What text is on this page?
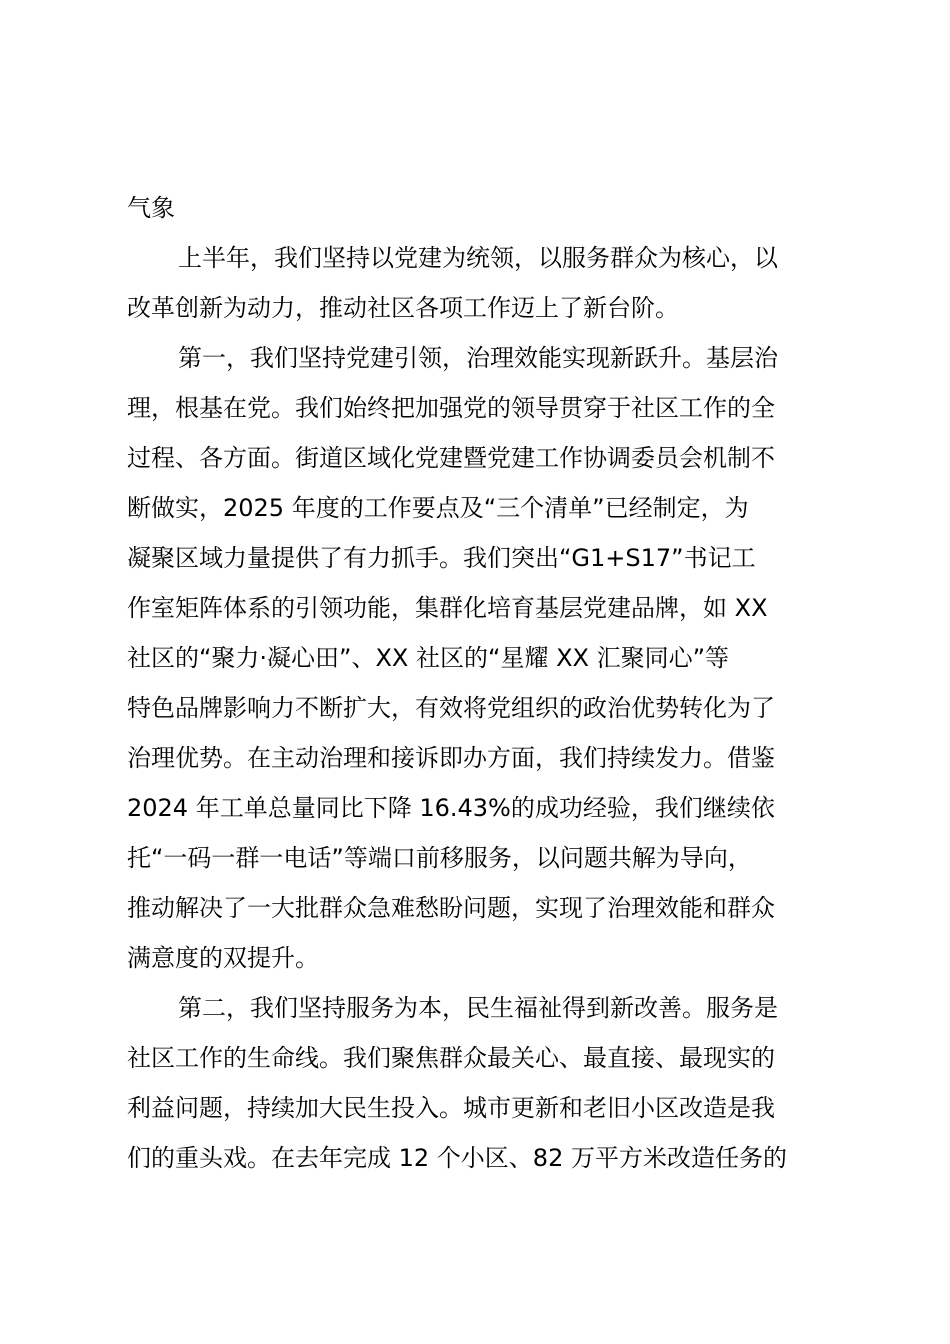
气象
上半年，我们坚持以党建为统领，以服务群众为核心，以
改革创新为动力，推动社区各项工作迈上了新台阶。
第一，我们坚持党建引领，治理效能实现新跃升。基层治
理，根基在党。我们始终把加强党的领导贯穿于社区工作的全
过程、各方面。街道区域化党建暨党建工作协调委员会机制不
断做实，2025 年度的工作要点及“三个清单”已经制定，为
凝聚区域力量提供了有力抓手。我们突出“G1+S17”书记工
作室矩阵体系的引领功能，集群化培育基层党建品牌，如 XX
社区的“聚力·凝心田”、XX 社区的“星耀 XX 汇聚同心”等
特色品牌影响力不断扩大，有效将党组织的政治优势转化为了
治理优势。在主动治理和接诉即办方面，我们持续发力。借鉴
2024 年工单总量同比下降 16.43%的成功经验，我们继续依
托“一码一群一电话”等端口前移服务，以问题共解为导向，
推动解决了一大批群众急难愁盼问题，实现了治理效能和群众
满意度的双提升。
第二，我们坚持服务为本，民生福祉得到新改善。服务是
社区工作的生命线。我们聚焦群众最关心、最直接、最现实的
利益问题，持续加大民生投入。城市更新和老旧小区改造是我
们的重头戏。在去年完成 12 个小区、82 万平方米改造任务的
